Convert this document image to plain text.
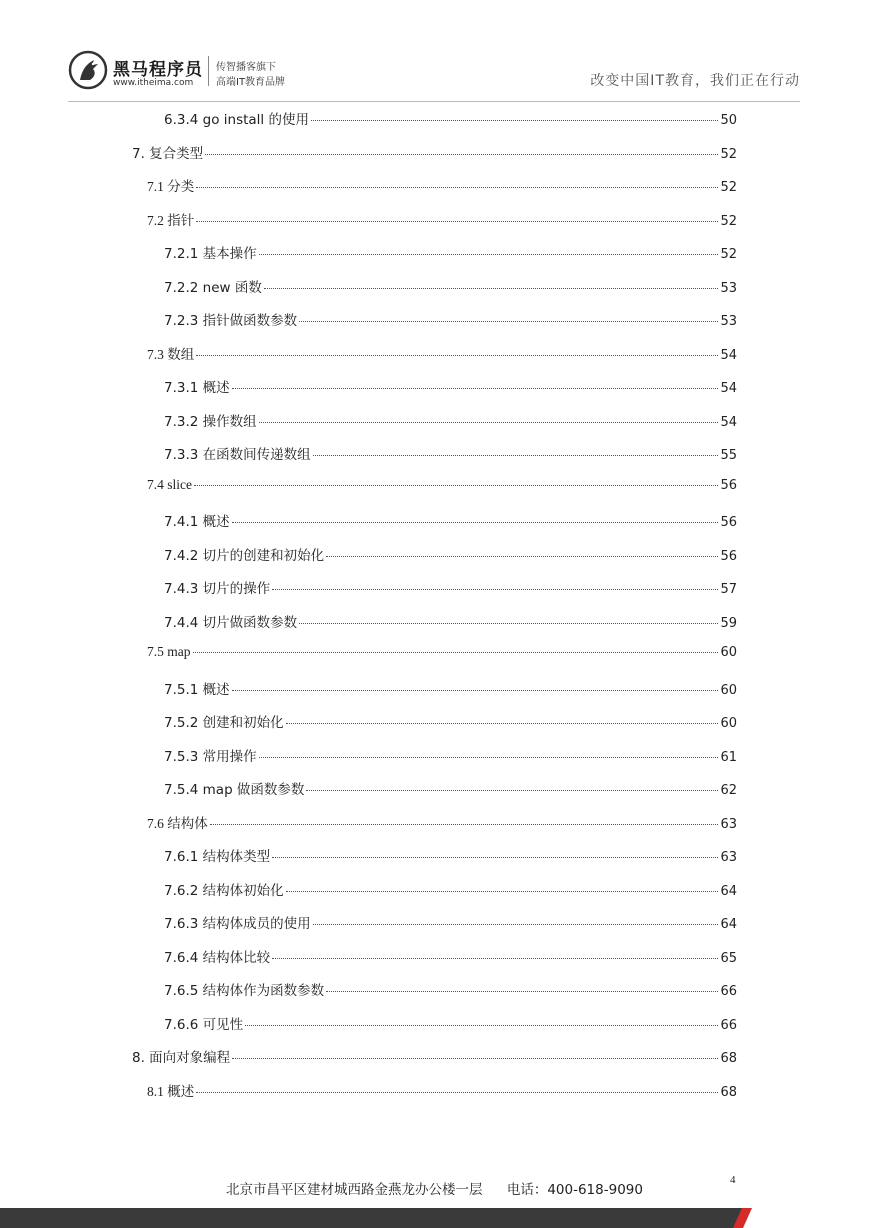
黑马程序员
www.itheima.com
传智播客旗下
高端IT教育品牌	改变中国IT教育，我们正在行动
6.3.4 go install 的使用	50
7. 复合类型	52
7.1 分类	52
7.2 指针	52
7.2.1 基本操作	52
7.2.2 new 函数	53
7.2.3 指针做函数参数	53
7.3 数组	54
7.3.1 概述	54
7.3.2 操作数组	54
7.3.3 在函数间传递数组	55
7.4 slice	56
7.4.1 概述	56
7.4.2 切片的创建和初始化	56
7.4.3 切片的操作	57
7.4.4 切片做函数参数	59
7.5 map	60
7.5.1 概述	60
7.5.2 创建和初始化	60
7.5.3 常用操作	61
7.5.4 map 做函数参数	62
7.6 结构体	63
7.6.1 结构体类型	63
7.6.2 结构体初始化	64
7.6.3 结构体成员的使用	64
7.6.4 结构体比较	65
7.6.5 结构体作为函数参数	66
7.6.6 可见性	66
8. 面向对象编程	68
8.1 概述	68
北京市昌平区建材城西路金燕龙办公楼一层 电话：400-618-9090
4
